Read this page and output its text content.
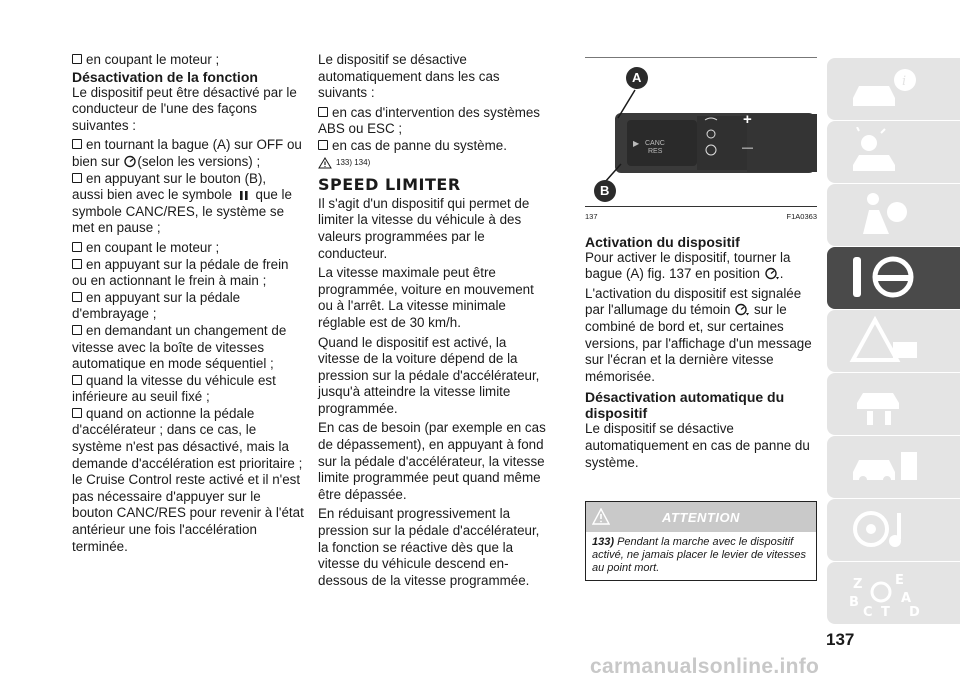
en coupant le moteur ;

Désactivation de la fonction

Le dispositif peut être désactivé par le conducteur de l'une des façons suivantes :

en tournant la bague (A) sur OFF ou bien sur (selon les versions) ;

en appuyant sur le bouton (B),

aussi bien avec le symbole que le symbole CANC/RES, le système se met en pause ;

en coupant le moteur ;

en appuyant sur la pédale de frein ou en actionnant le frein à main ;

en appuyant sur la pédale d'embrayage ;

en demandant un changement de vitesse avec la boîte de vitesses automatique en mode séquentiel ;

quand la vitesse du véhicule est inférieure au seuil fixé ;

quand on actionne la pédale d'accélérateur ; dans ce cas, le système n'est pas désactivé, mais la demande d'accélération est prioritaire ; le Cruise Control reste activé et il n'est pas nécessaire d'appuyer sur le bouton CANC/RES pour revenir à l'état antérieur une fois l'accélération terminée.

Le dispositif se désactive automatiquement dans les cas suivants :

en cas d'intervention des systèmes ABS ou ESC ;

en cas de panne du système.

133) 134)
SPEED LIMITER

Il s'agit d'un dispositif qui permet de limiter la vitesse du véhicule à des valeurs programmées par le conducteur.

La vitesse maximale peut être programmée, voiture en mouvement ou à l'arrêt. La vitesse minimale réglable est de 30 km/h.

Quand le dispositif est activé, la vitesse de la voiture dépend de la pression sur la pédale d'accélérateur, jusqu'à atteindre la vitesse limite programmée.

En cas de besoin (par exemple en cas de dépassement), en appuyant à fond sur la pédale d'accélérateur, la vitesse limite programmée peut quand même être dépassée.

En réduisant progressivement la pression sur la pédale d'accélérateur, la fonction se réactive dès que la vitesse du véhicule descend en-dessous de la vitesse programmée.

▶
A
B
CANC
RES
+
—
137	F1A0363
Activation du dispositif

Pour activer le dispositif, tourner la bague (A) fig. 137 en position .

L'activation du dispositif est signalée par l'allumage du témoin sur le combiné de bord et, sur certaines versions, par l'affichage d'un message sur l'écran et la dernière vitesse mémorisée.

Désactivation automatique du dispositif

Le dispositif se désactive automatiquement en cas de panne du système.

ATTENTION
133) Pendant la marche avec le dispositif activé, ne jamais placer le levier de vitesses au point mort.
i
Z	E
A
B
D
C T
137
carmanualsonline.info
